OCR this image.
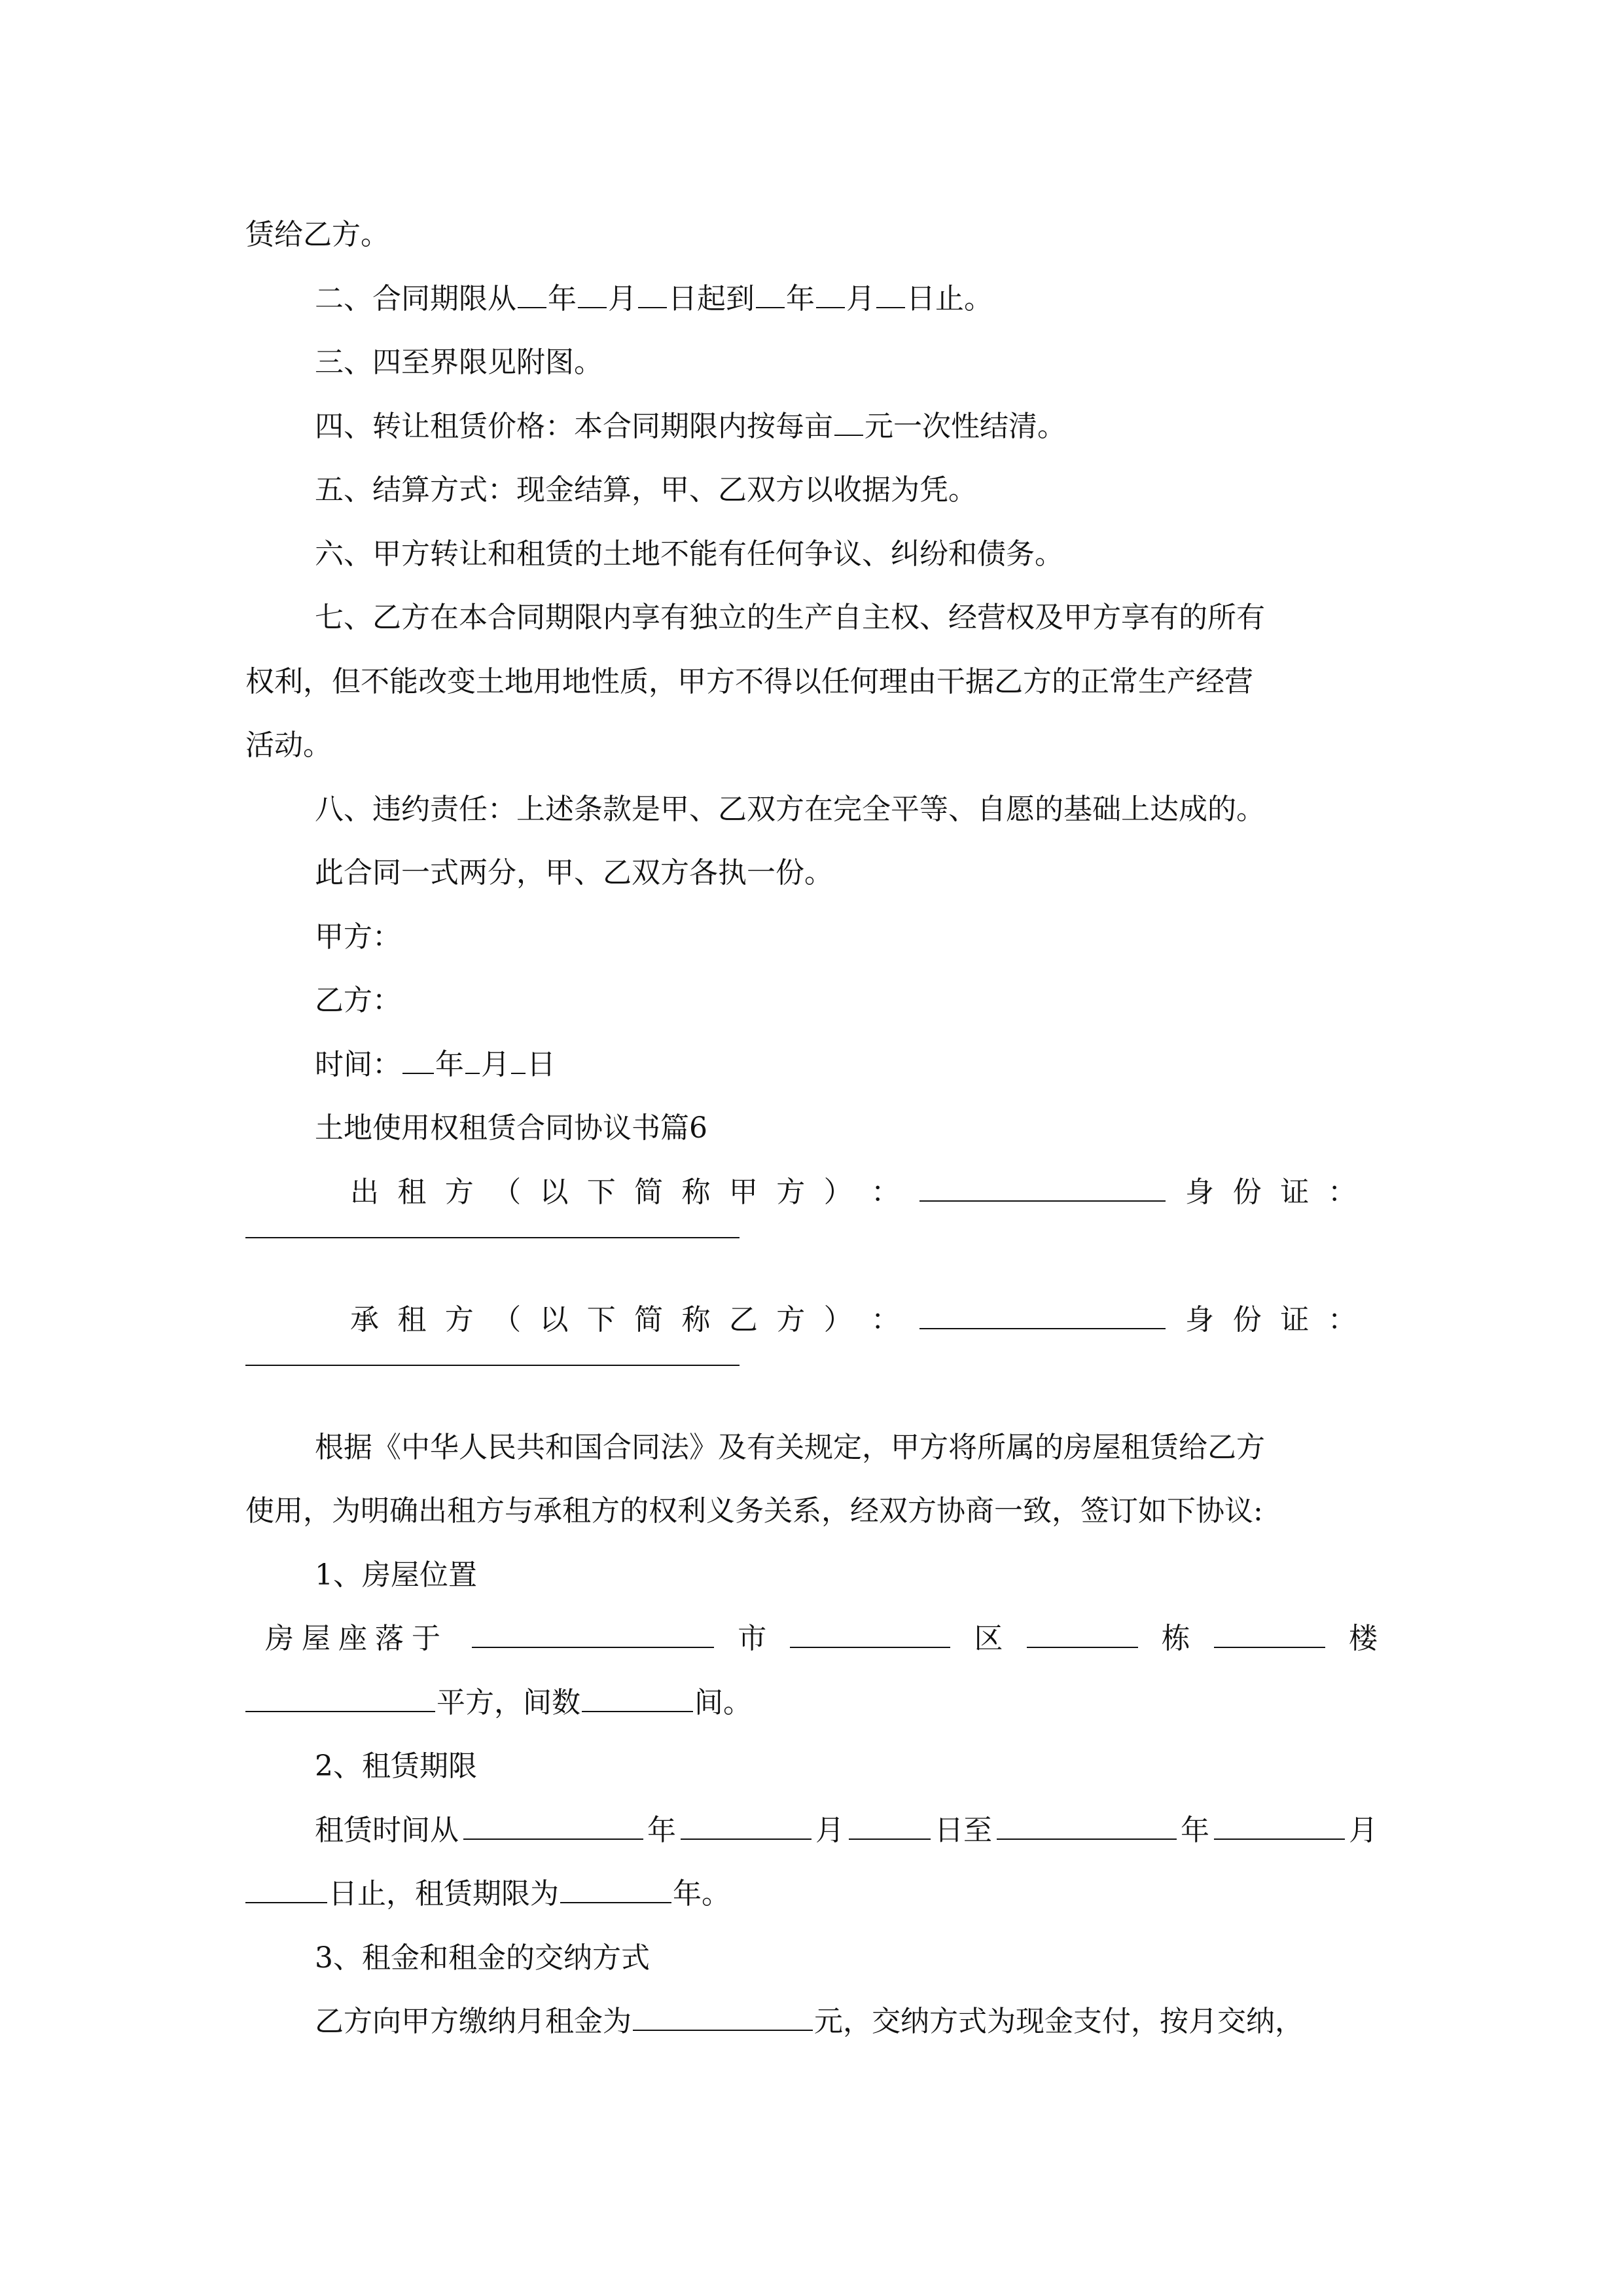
赁给乙方。
二、合同期限从 年 月 日起到 年 月 日止。
三、四至界限见附图。
四、转让租赁价格：本合同期限内按每亩 元一次性结清。
五、结算方式：现金结算，甲、乙双方以收据为凭。
六、甲方转让和租赁的土地不能有任何争议、纠纷和债务。
七、乙方在本合同期限内享有独立的生产自主权、经营权及甲方享有的所有
权利，但不能改变土地用地性质，甲方不得以任何理由干据乙方的正常生产经营
活动。
八、违约责任：上述条款是甲、乙双方在完全平等、自愿的基础上达成的。
此合同一式两分，甲、乙双方各执一份。
甲方：
乙方：
时间： 年 月 日
土地使用权租赁合同协议书篇6
出 租 方 （ 以 下 简 称 甲 方 ） ：	身 份 证 ：
承 租 方 （ 以 下 简 称 乙 方 ） ：	身 份 证 ：
根据《中华人民共和国合同法》及有关规定，甲方将所属的房屋租赁给乙方
使用，为明确出租方与承租方的权利义务关系，经双方协商一致，签订如下协议:
1、房屋位置
房屋座落于	市	区	栋	楼
平方，间数	间。
2、租赁期限
租赁时间从	年	月	日至	年	月
日止，租赁期限为	年。
3、租金和租金的交纳方式
乙方向甲方缴纳月租金为	元，交纳方式为现金支付，按月交纳，
